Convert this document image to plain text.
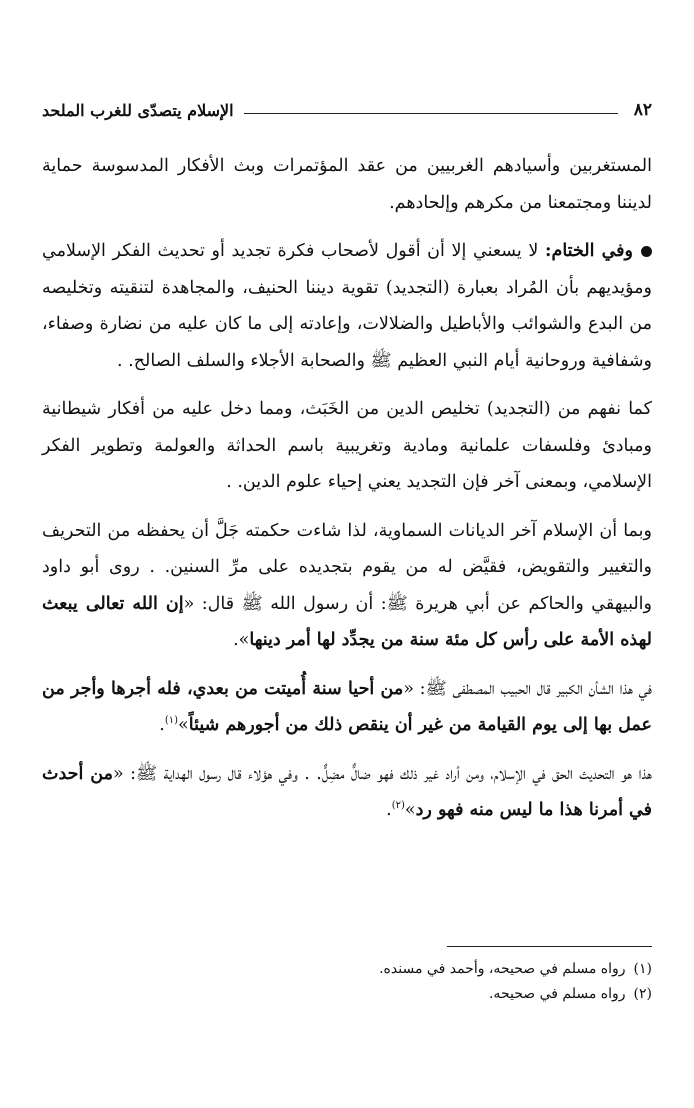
٨٢
الإسلام يتصدّى للغرب الملحد

المستغربين وأسيادهم الغربيين من عقد المؤتمرات وبث الأفكار المدسوسة حماية لديننا ومجتمعنا من مكرهم وإلحادهم.

وفي الختام: لا يسعني إلا أن أقول لأصحاب فكرة تجديد أو تحديث الفكر الإسلامي ومؤيديهم بأن المُراد بعبارة (التجديد) تقوية ديننا الحنيف، والمجاهدة لتنقيته وتخليصه من البدع والشوائب والأباطيل والضلالات، وإعادته إلى ما كان عليه من نضارة وصفاء، وشفافية وروحانية أيام النبي العظيم ﷺ والصحابة الأجلاء والسلف الصالح. .

كما نفهم من (التجديد) تخليص الدين من الخَبَث، ومما دخل عليه من أفكار شيطانية ومبادئ وفلسفات علمانية ومادية وتغريبية باسم الحداثة والعولمة وتطوير الفكر الإسلامي، وبمعنى آخر فإن التجديد يعني إحياء علوم الدين. .

وبما أن الإسلام آخر الديانات السماوية، لذا شاءت حكمته جَلَّ أن يحفظه من التحريف والتغيير والتقويض، فقيَّض له من يقوم بتجديده على مرِّ السنين. . روى أبو داود والبيهقي والحاكم عن أبي هريرة ﷺ: أن رسول الله ﷺ قال: «إن الله تعالى يبعث لهذه الأمة على رأس كل مئة سنة من يجدِّد لها أمر دينها».

في هذا الشأن الكبير قال الحبيب المصطفى ﷺ: «من أحيا سنة أُميتت من بعدي، فله أجرها وأجر من عمل بها إلى يوم القيامة من غير أن ينقص ذلك من أجورهم شيئاً»$^{(١)}$.

هذا هو التحديث الحق في الإسلام، ومن أراد غير ذلك فهو ضالٌّ مضِلٌّ. . وفي هؤلاء قال رسول الهداية ﷺ: «من أحدث في أمرنا هذا ما ليس منه فهو رد»$^{(٢)}$.

(١)
رواه مسلم في صحيحه، وأحمد في مسنده.
(٢)
رواه مسلم في صحيحه.
